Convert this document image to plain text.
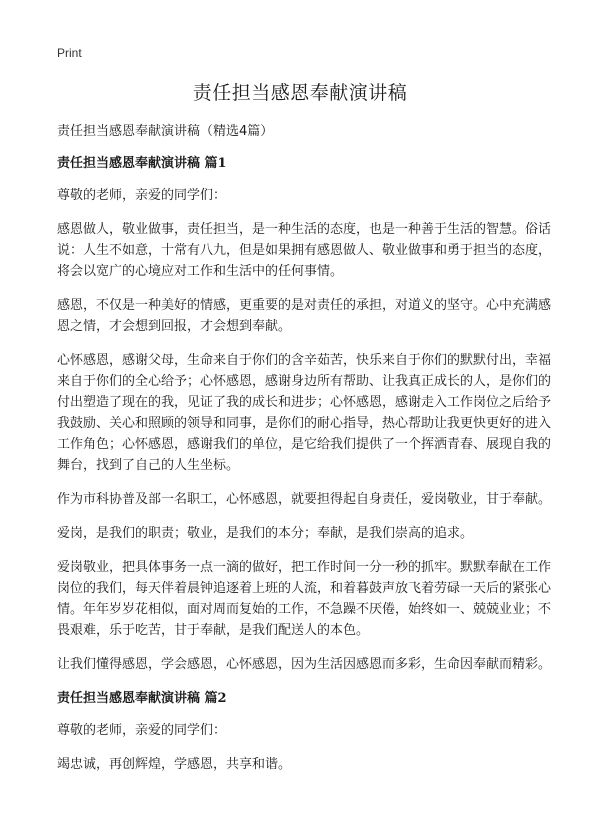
Print
责任担当感恩奉献演讲稿

责任担当感恩奉献演讲稿（精选4篇）

责任担当感恩奉献演讲稿 篇1

尊敬的老师，亲爱的同学们：

感恩做人，敬业做事，责任担当，是一种生活的态度，也是一种善于生活的智慧。俗话说：人生不如意，十常有八九，但是如果拥有感恩做人、敬业做事和勇于担当的态度，将会以宽广的心境应对工作和生活中的任何事情。

感恩，不仅是一种美好的情感，更重要的是对责任的承担，对道义的坚守。心中充满感恩之情，才会想到回报，才会想到奉献。

心怀感恩，感谢父母，生命来自于你们的含辛茹苦，快乐来自于你们的默默付出，幸福来自于你们的全心给予；心怀感恩，感谢身边所有帮助、让我真正成长的人，是你们的付出塑造了现在的我，见证了我的成长和进步；心怀感恩，感谢走入工作岗位之后给予我鼓励、关心和照顾的领导和同事，是你们的耐心指导，热心帮助让我更快更好的进入工作角色；心怀感恩，感谢我们的单位，是它给我们提供了一个挥洒青春、展现自我的舞台，找到了自己的人生坐标。

作为市科协普及部一名职工，心怀感恩，就要担得起自身责任，爱岗敬业，甘于奉献。

爱岗，是我们的职责；敬业，是我们的本分；奉献，是我们崇高的追求。

爱岗敬业，把具体事务一点一滴的做好，把工作时间一分一秒的抓牢。默默奉献在工作岗位的我们，每天伴着晨钟追逐着上班的人流，和着暮鼓声放飞着劳碌一天后的紧张心情。年年岁岁花相似，面对周而复始的工作，不急躁不厌倦，始终如一、兢兢业业；不畏艰难，乐于吃苦，甘于奉献，是我们配送人的本色。

让我们懂得感恩，学会感恩，心怀感恩，因为生活因感恩而多彩，生命因奉献而精彩。

责任担当感恩奉献演讲稿 篇2

尊敬的老师，亲爱的同学们：

竭忠诚，再创辉煌，学感恩，共享和谐。
